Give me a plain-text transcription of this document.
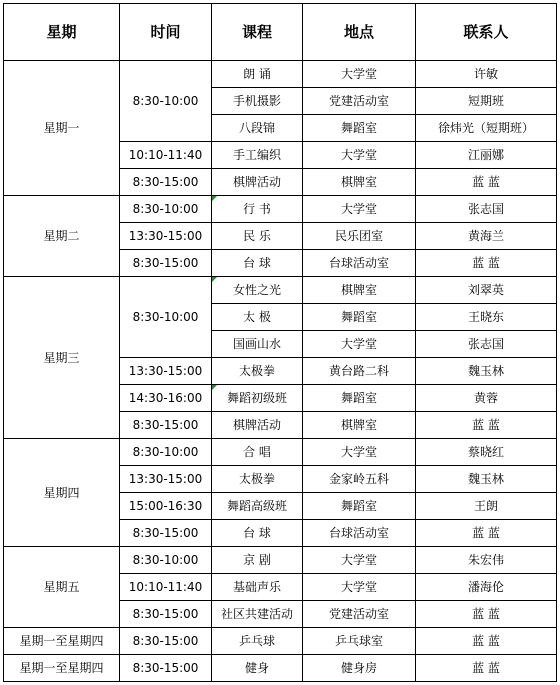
星期	时间	课程	地点	联系人
星期一	8:30-10:00	朗 诵	大学堂	许敏
		手机摄影	党建活动室	短期班
		八段锦	舞蹈室	徐炜光（短期班）
	10:10-11:40	手工编织	大学堂	江丽娜
	8:30-15:00	棋牌活动	棋牌室	蓝 蓝
星期二	8:30-10:00	行 书	大学堂	张志国
	13:30-15:00	民 乐	民乐团室	黄海兰
	8:30-15:00	台 球	台球活动室	蓝 蓝
星期三	8:30-10:00	女性之光	棋牌室	刘翠英
		太 极	舞蹈室	王晓东
		国画山水	大学堂	张志国
	13:30-15:00	太极拳	黄台路二科	魏玉林
	14:30-16:00	舞蹈初级班	舞蹈室	黄蓉
	8:30-15:00	棋牌活动	棋牌室	蓝 蓝
星期四	8:30-10:00	合 唱	大学堂	蔡晓红
	13:30-15:00	太极拳	金家岭五科	魏玉林
	15:00-16:30	舞蹈高级班	舞蹈室	王朗
	8:30-15:00	台 球	台球活动室	蓝 蓝
星期五	8:30-10:00	京 剧	大学堂	朱宏伟
	10:10-11:40	基础声乐	大学堂	潘海伦
	8:30-15:00	社区共建活动	党建活动室	蓝 蓝
星期一至星期四	8:30-15:00	乒乓球	乒乓球室	蓝 蓝
星期一至星期四	8:30-15:00	健身	健身房	蓝 蓝
